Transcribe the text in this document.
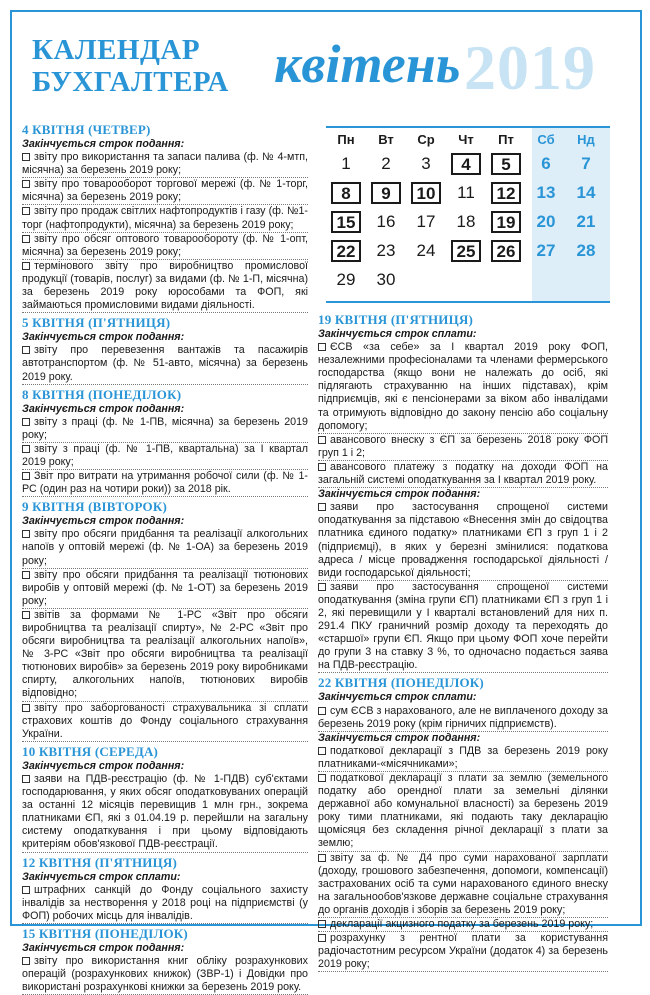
КАЛЕНДАР
БУХГАЛТЕРА квітень 2019
Пн	Вт	Ср	Чт	Пт	Сб	Нд
1 2 3	4	5	6 7
8	9	10	11	12	13 14
15	16 17 18	19	20 21
22	23 24	25	26	27 28
29 30
4 КВІТНЯ (ЧЕТВЕР)
Закінчується строк подання:
звіту про використання та запаси палива (ф. № 4-мтп, місячна) за березень 2019 року;
звіту про товарооборот торгової мережі (ф. № 1-торг, місячна) за березень 2019 року;
звіту про продаж світлих нафтопродуктів і газу (ф. №1-торг (нафтопродукти), місячна) за березень 2019 року;
звіту про обсяг оптового товарообороту (ф. № 1-опт, місячна) за березень 2019 року;
термінового звіту про виробництво промислової продукції (товарів, послуг) за видами (ф. № 1-П, місячна) за березень 2019 року юрособами та ФОП, які займаються промисловими видами діяльності.
5 КВІТНЯ (П'ЯТНИЦЯ)
Закінчується строк подання:
звіту про перевезення вантажів та пасажирів автотранспортом (ф. № 51-авто, місячна) за березень 2019 року.
8 КВІТНЯ (ПОНЕДІЛОК)
Закінчується строк подання:
звіту з праці (ф. № 1-ПВ, місячна) за березень 2019 року;
звіту з праці (ф. № 1-ПВ, квартальна) за I квартал 2019 року;
Звіт про витрати на утримання робочої сили (ф. № 1-РС (один раз на чотири роки)) за 2018 рік.
9 КВІТНЯ (ВІВТОРОК)
Закінчується строк подання:
звіту про обсяги придбання та реалізації алкогольних напоїв у оптовій мережі (ф. № 1-ОА) за березень 2019 року;
звіту про обсяги придбання та реалізації тютюнових виробів у оптовій мережі (ф. № 1-ОТ) за березень 2019 року;
звітів за формами № 1-РС «Звіт про обсяги виробництва та реалізації спирту», № 2-РС «Звіт про обсяги виробництва та реалізації алкогольних напоїв», № 3-РС «Звіт про обсяги виробництва та реалізації тютюнових виробів» за березень 2019 року виробниками спирту, алкогольних напоїв, тютюнових виробів відповідно;
звіту про заборгованості страхувальника зі сплати страхових коштів до Фонду соціального страхування України.
10 КВІТНЯ (СЕРЕДА)
Закінчується строк подання:
заяви на ПДВ-реєстрацію (ф. № 1-ПДВ) суб'єктами господарювання, у яких обсяг оподатковуваних операцій за останні 12 місяців перевищив 1 млн грн., зокрема платниками ЄП, які з 01.04.19 р. перейшли на загальну систему оподаткування і при цьому відповідають критеріям обов'язкової ПДВ-реєстрації.
12 КВІТНЯ (П'ЯТНИЦЯ)
Закінчується строк сплати:
штрафних санкцій до Фонду соціального захисту інвалідів за нестворення у 2018 році на підприємстві (у ФОП) робочих місць для інвалідів.
15 КВІТНЯ (ПОНЕДІЛОК)
Закінчується строк подання:
звіту про використання книг обліку розрахункових операцій (розрахункових книжок) (ЗВР-1) і Довідки про використані розрахункові книжки за березень 2019 року.
19 КВІТНЯ (П'ЯТНИЦЯ)
Закінчується строк сплати:
ЄСВ «за себе» за I квартал 2019 року ФОП, незалежними професіоналами та членами фермерського господарства (якщо вони не належать до осіб, які підлягають страхуванню на інших підставах), крім підприємців, які є пенсіонерами за віком або інвалідами та отримують відповідно до закону пенсію або соціальну допомогу;
авансового внеску з ЄП за березень 2018 року ФОП груп 1 і 2;
авансового платежу з податку на доходи ФОП на загальній системі оподаткування за I квартал 2019 року.
Закінчується строк подання:
заяви про застосування спрощеної системи оподаткування за підставою «Внесення змін до свідоцтва платника єдиного податку» платниками ЄП з груп 1 і 2 (підприємці), в яких у березні змінилися: податкова адреса / місце провадження господарської діяльності / види господарської діяльності;
заяви про застосування спрощеної системи оподаткування (зміна групи ЄП) платниками ЄП з груп 1 і 2, які перевищили у I кварталі встановлений для них п. 291.4 ПКУ граничний розмір доходу та переходять до «старшої» групи ЄП. Якщо при цьому ФОП хоче перейти до групи 3 на ставку 3 %, то одночасно подається заява на ПДВ-реєстрацію.
22 КВІТНЯ (ПОНЕДІЛОК)
Закінчується строк сплати:
сум ЄСВ з нарахованого, але не виплаченого доходу за березень 2019 року (крім гірничих підприємств).
Закінчується строк подання:
податкової декларації з ПДВ за березень 2019 року платниками-«місячниками»;
податкової декларації з плати за землю (земельного податку або орендної плати за земельні ділянки державної або комунальної власності) за березень 2019 року тими платниками, які подають таку декларацію щомісяця без складення річної декларації з плати за землю;
звіту за ф. № Д4 про суми нарахованої зарплати (доходу, грошового забезпечення, допомоги, компенсації) застрахованих осіб та суми нарахованого єдиного внеску на загальнообов'язкове державне соціальне страхування до органів доходів і зборів за березень 2019 року;
декларації акцизного податку за березень 2019 року;
розрахунку з рентної плати за користування радіочастотним ресурсом України (додаток 4) за березень 2019 року;
